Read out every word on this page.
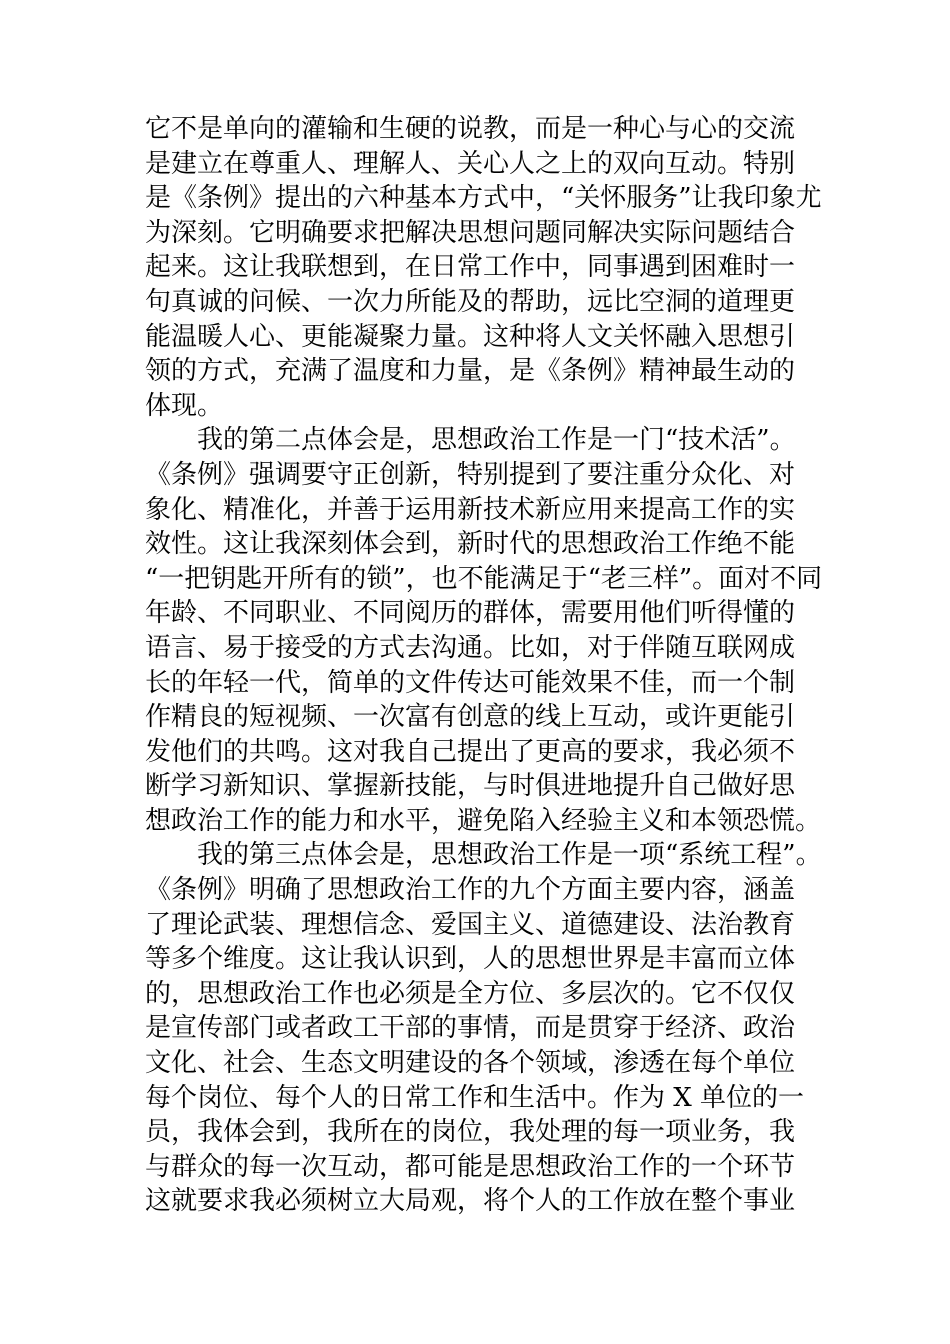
它不是单向的灌输和生硬的说教，而是一种心与心的交流
是建立在尊重人、理解人、关心人之上的双向互动。特别
是《条例》提出的六种基本方式中，“关怀服务”让我印象尤
为深刻。它明确要求把解决思想问题同解决实际问题结合
起来。这让我联想到，在日常工作中，同事遇到困难时一
句真诚的问候、一次力所能及的帮助，远比空洞的道理更
能温暖人心、更能凝聚力量。这种将人文关怀融入思想引
领的方式，充满了温度和力量，是《条例》精神最生动的
体现。
我的第二点体会是，思想政治工作是一门“技术活”。
《条例》强调要守正创新，特别提到了要注重分众化、对
象化、精准化，并善于运用新技术新应用来提高工作的实
效性。这让我深刻体会到，新时代的思想政治工作绝不能
“一把钥匙开所有的锁”，也不能满足于“老三样”。面对不同
年龄、不同职业、不同阅历的群体，需要用他们听得懂的
语言、易于接受的方式去沟通。比如，对于伴随互联网成
长的年轻一代，简单的文件传达可能效果不佳，而一个制
作精良的短视频、一次富有创意的线上互动，或许更能引
发他们的共鸣。这对我自己提出了更高的要求，我必须不
断学习新知识、掌握新技能，与时俱进地提升自己做好思
想政治工作的能力和水平，避免陷入经验主义和本领恐慌。
我的第三点体会是，思想政治工作是一项“系统工程”。
《条例》明确了思想政治工作的九个方面主要内容，涵盖
了理论武装、理想信念、爱国主义、道德建设、法治教育
等多个维度。这让我认识到，人的思想世界是丰富而立体
的，思想政治工作也必须是全方位、多层次的。它不仅仅
是宣传部门或者政工干部的事情，而是贯穿于经济、政治
文化、社会、生态文明建设的各个领域，渗透在每个单位
每个岗位、每个人的日常工作和生活中。作为 X 单位的一
员，我体会到，我所在的岗位，我处理的每一项业务，我
与群众的每一次互动，都可能是思想政治工作的一个环节
这就要求我必须树立大局观，将个人的工作放在整个事业
